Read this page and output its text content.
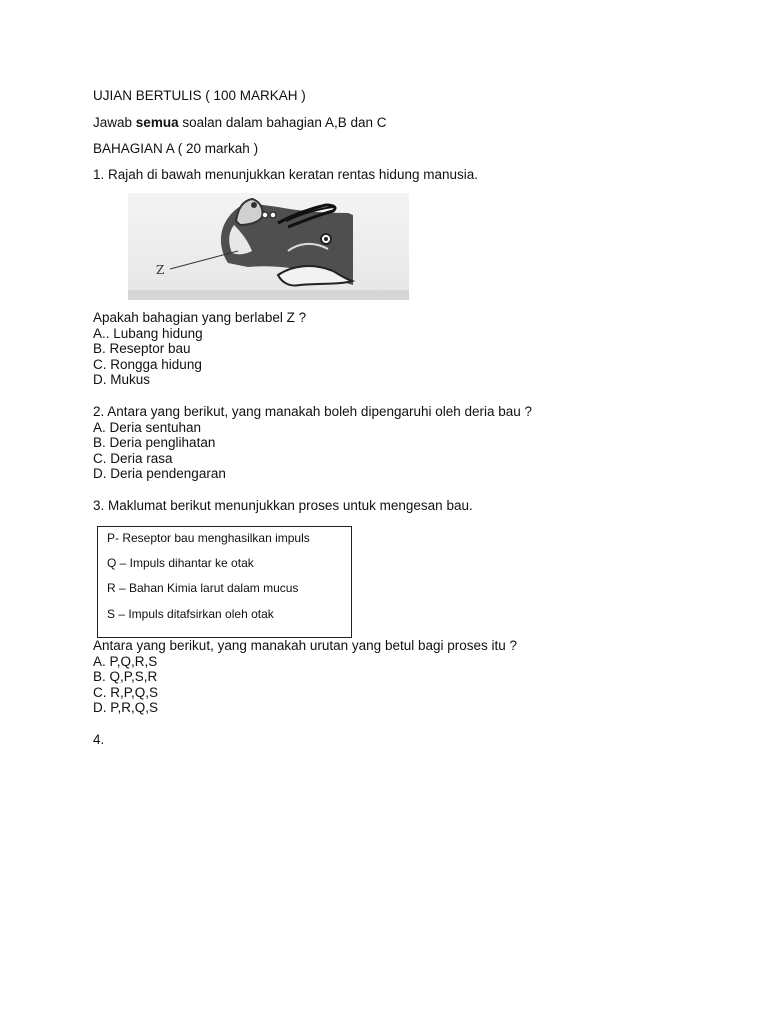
UJIAN BERTULIS ( 100 MARKAH )
Jawab semua soalan dalam bahagian A,B dan C
BAHAGIAN A ( 20 markah )
1. Rajah di bawah menunjukkan keratan rentas hidung manusia.
Z
Apakah bahagian yang berlabel Z ?
A.. Lubang hidung
B. Reseptor bau
C. Rongga hidung
D. Mukus
2. Antara yang berikut, yang manakah boleh dipengaruhi oleh deria bau ?
A. Deria sentuhan
B. Deria penglihatan
C. Deria rasa
D. Deria pendengaran
3. Maklumat berikut menunjukkan proses untuk mengesan bau.
P- Reseptor bau menghasilkan impuls
Q – Impuls dihantar ke otak
R – Bahan Kimia larut dalam mucus
S – Impuls ditafsirkan oleh otak
Antara yang berikut, yang manakah urutan yang betul bagi proses itu ?
A. P,Q,R,S
B. Q,P,S,R
C. R,P,Q,S
D. P,R,Q,S
4.
